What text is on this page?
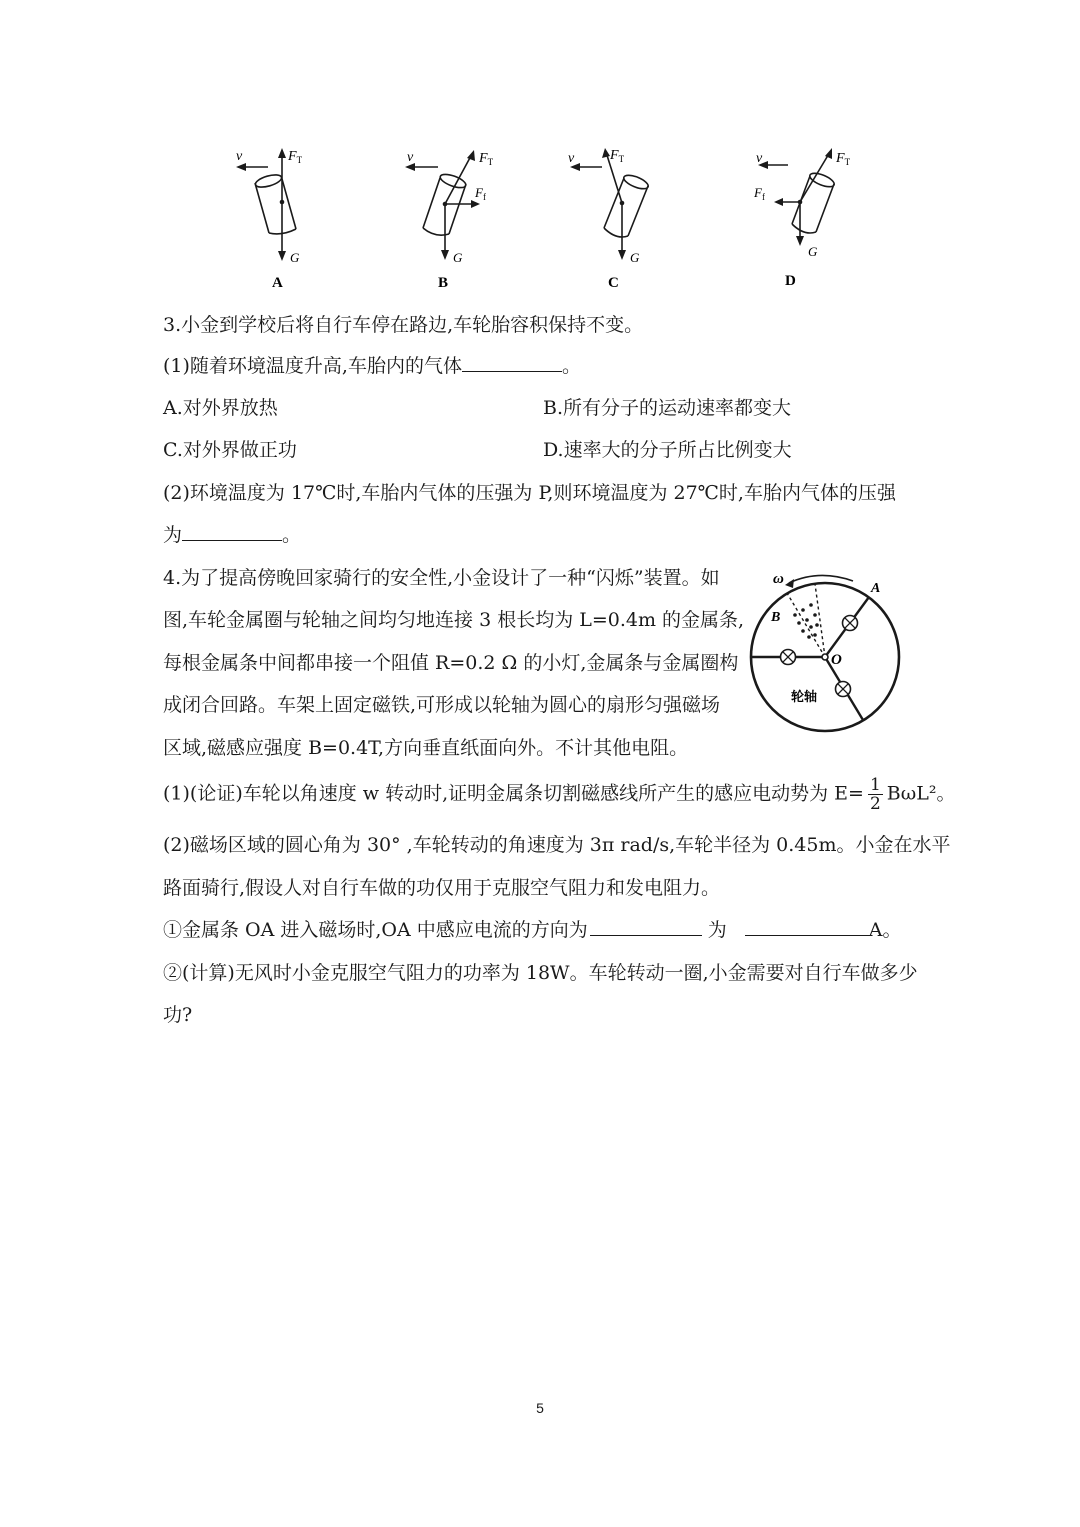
v	$F_T$
G
A
v	$F_T$
$F_f$
G
B
v	$F_T$
G
C
v	$F_T$
$F_f$
G
D
3.小金到学校后将自行车停在路边,车轮胎容积保持不变。
(1)随着环境温度升高,车胎内的气体	。
A.对外界放热	B.所有分子的运动速率都变大
C.对外界做正功	D.速率大的分子所占比例变大
(2)环境温度为 17℃时,车胎内气体的压强为 P,则环境温度为 27℃时,车胎内气体的压强
为	。
4.为了提高傍晚回家骑行的安全性,小金设计了一种“闪烁”装置。如
图,车轮金属圈与轮轴之间均匀地连接 3 根长均为 L=0.4m 的金属条,
每根金属条中间都串接一个阻值 R=0.2 Ω 的小灯,金属条与金属圈构
成闭合回路。车架上固定磁铁,可形成以轮轴为圆心的扇形匀强磁场
区域,磁感应强度 B=0.4T,方向垂直纸面向外。不计其他电阻。
ω
A
B
O
轮轴
(1)(论证)车轮以角速度 w 转动时,证明金属条切割磁感线所产生的感应电动势为 $E= \frac{1}{2} B\omega L^2$。
(2)磁场区域的圆心角为 30° ,车轮转动的角速度为 3π rad/s,车轮半径为 0.45m。小金在水平
路面骑行,假设人对自行车做的功仅用于克服空气阻力和发电阻力。
①金属条 OA 进入磁场时,OA 中感应电流的方向为	为	A。
②(计算)无风时小金克服空气阻力的功率为 18W。车轮转动一圈,小金需要对自行车做多少
功?
5
